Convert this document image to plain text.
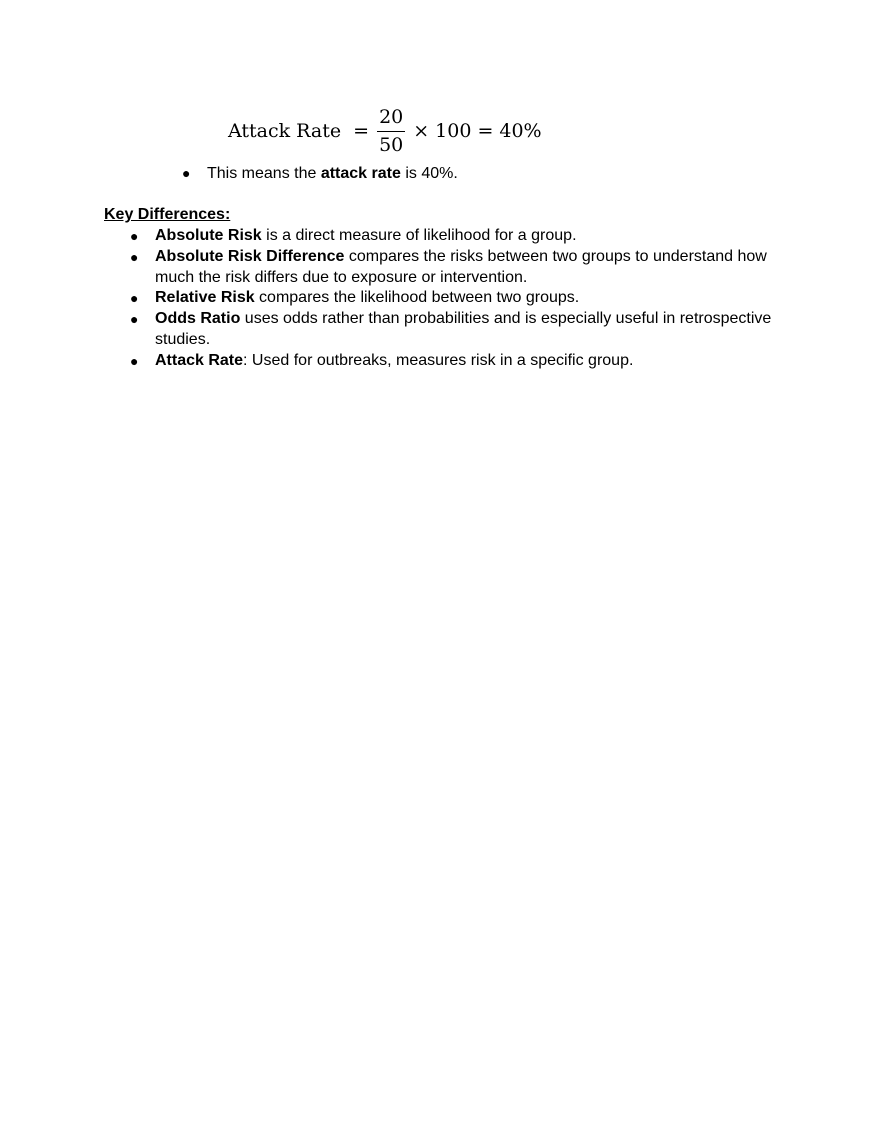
Attack Rate = $\frac{20}{50} \times 100 = 40\%$
● This means the attack rate is 40%.
Key Differences:
● Absolute Risk is a direct measure of likelihood for a group.
● Absolute Risk Difference compares the risks between two groups to understand how much the risk differs due to exposure or intervention.
● Relative Risk compares the likelihood between two groups.
● Odds Ratio uses odds rather than probabilities and is especially useful in retrospective studies.
● Attack Rate: Used for outbreaks, measures risk in a specific group.
